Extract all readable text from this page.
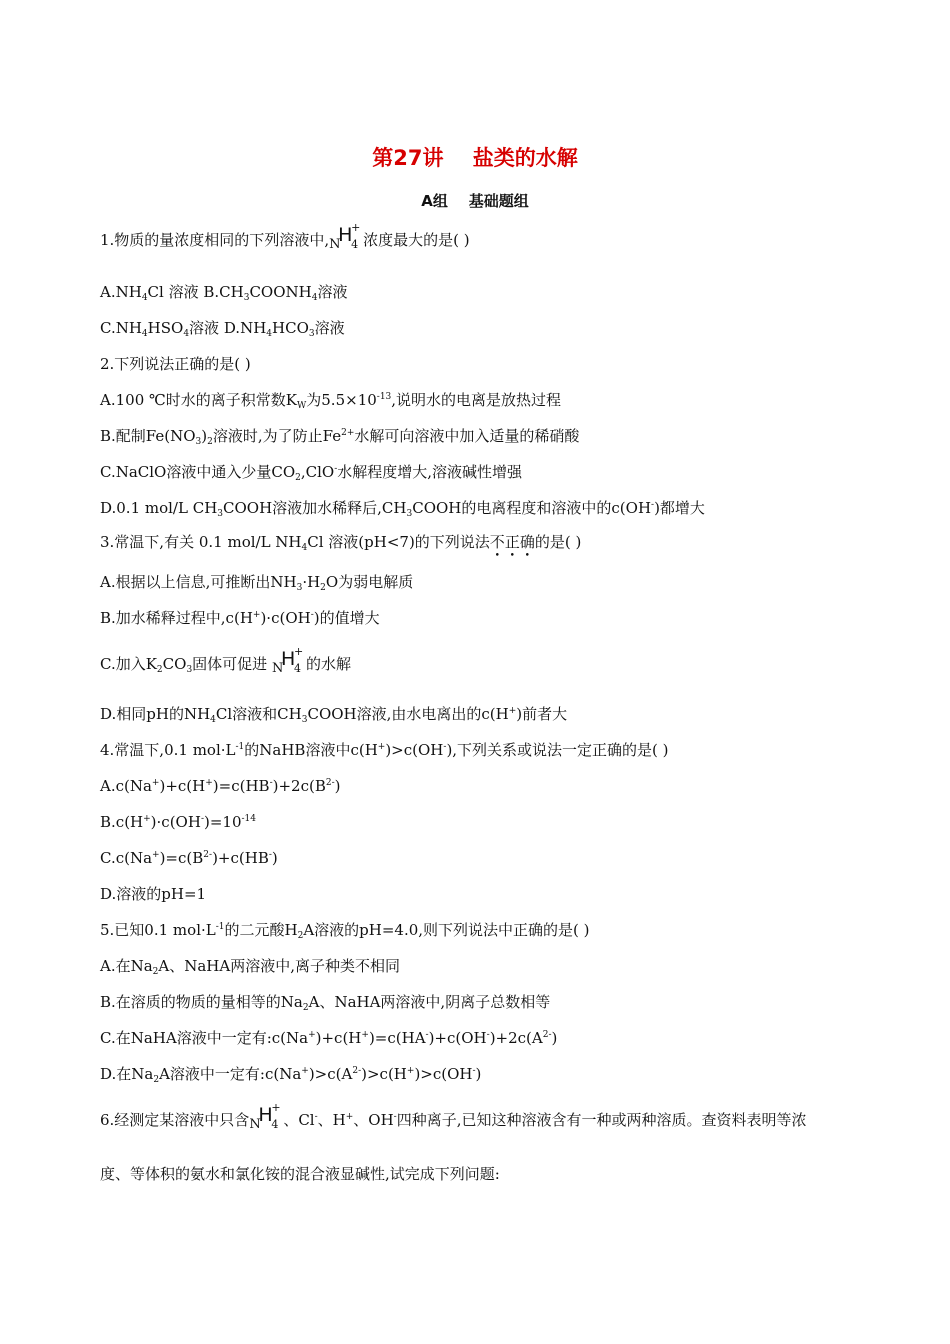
第27讲    盐类的水解
A组    基础题组
1.物质的量浓度相同的下列溶液中, N
H
+
4 浓度最大的是( )
$A.NH_4Cl$ 溶液 $B.CH_3COONH_4$溶液
$C.NH_4HSO_4$溶液 $D.NH_4HCO_3$溶液
2.下列说法正确的是( )
A.100 ℃时水的离子积常数$K_W$为$5.5\times 10^{-13}$,说明水的电离是放热过程
B.配制$Fe(NO_3)_2$溶液时,为了防止$Fe^{2+}$水解可向溶液中加入适量的稀硝酸
C.NaClO溶液中通入少量$CO_2,ClO^-$水解程度增大,溶液碱性增强
D.0.1 mol/L $CH_3COOH$溶液加水稀释后$,CH_3COOH$的电离程度和溶液中的c(OH-)都增大
3.常温下,有关 0.1 mol/L $NH_4Cl$ 溶液(pH<7)的下列说法不正确的是( )
A.根据以上信息,可推断出$NH_3\cdot H_2O$为弱电解质
B.加水稀释过程中,c(H+)·c(OH-)的值增大
C.加入$K_2CO_3$固体可促进 N
H
+
4 的水解
D.相同pH的$NH_4Cl$溶液和$CH_3COOH$溶液,由水电离出的c(H+)前者大
4.常温下,0.1 $mol\cdot L^{-1}$的NaHB溶液中c(H+)>c(OH-),下列关系或说法一定正确的是( )
$A.c(Na^+)+c(H^+)=c(HB^-)+2c(B^{2-})$
$B.c(H^+)\cdot c(OH^-)=10^{-14}$
$C.c(Na^+)=c(B^{2-})+c(HB^-)$
D.溶液的pH=1
5.已知0.1 $mol\cdot L^{-1}$的二元酸$H_2A$溶液的pH=4.0,则下列说法中正确的是( )
A.在$Na_2A$、NaHA两溶液中,离子种类不相同
B.在溶质的物质的量相等的$Na_2A$、NaHA两溶液中,阴离子总数相等
C.在NaHA溶液中一定有$:c(Na^+)+c(H^+)=c(HA^-)+c(OH^-)+2c(A^{2-})$
D.在$Na_2A$溶液中一定有$:c(Na^+)>c(A^{2-})>c(H^+)>c(OH^-)$
6.经测定某溶液中只含 N
H
+
4 、Cl-、H+、OH-四种离子,已知这种溶液含有一种或两种溶质。查资料表明等浓
度、等体积的氨水和氯化铵的混合液显碱性,试完成下列问题:
